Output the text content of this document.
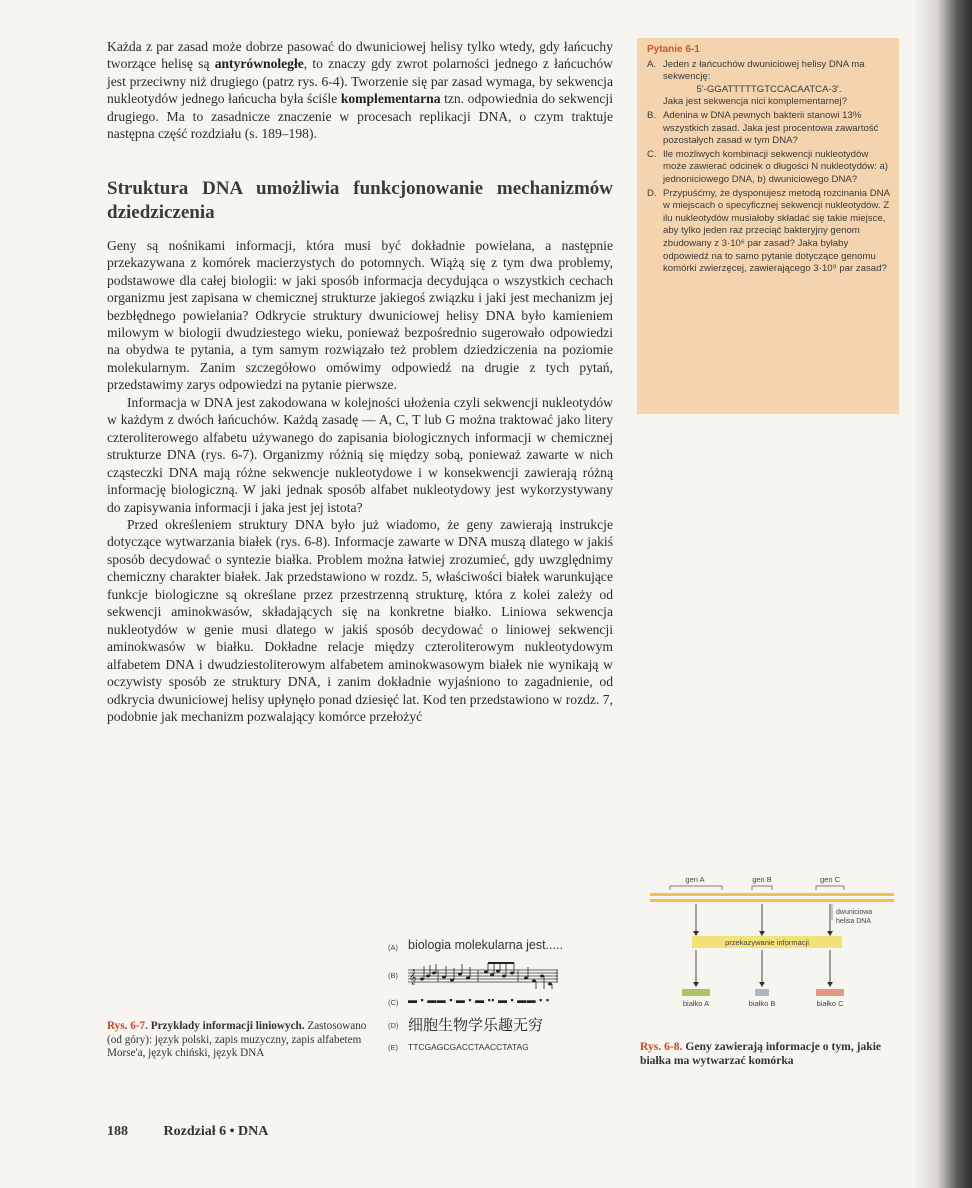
Każda z par zasad może dobrze pasować do dwuniciowej helisy tylko wtedy, gdy łańcuchy tworzące helisę są antyrównoległe, to znaczy gdy zwrot polarności jednego z łańcuchów jest przeciwny niż drugiego (patrz rys. 6-4). Tworzenie się par zasad wymaga, by sekwencja nukleotydów jednego łańcucha była ściśle komplementarna tzn. odpowiednia do sekwencji drugiego. Ma to zasadnicze znaczenie w procesach replikacji DNA, o czym traktuje następna część rozdziału (s. 189–198).

Struktura DNA umożliwia funkcjonowanie mechanizmów dziedziczenia

Geny są nośnikami informacji, która musi być dokładnie powielana, a następnie przekazywana z komórek macierzystych do potomnych. Wiążą się z tym dwa problemy, podstawowe dla całej biologii: w jaki sposób informacja decydująca o wszystkich cechach organizmu jest zapisana w chemicznej strukturze jakiegoś związku i jaki jest mechanizm jej bezbłędnego powielania? Odkrycie struktury dwuniciowej helisy DNA było kamieniem milowym w biologii dwudziestego wieku, ponieważ bezpośrednio sugerowało odpowiedzi na obydwa te pytania, a tym samym rozwiązało też problem dziedziczenia na poziomie molekularnym. Zanim szczegółowo omówimy odpowiedź na drugie z tych pytań, przedstawimy zarys odpowiedzi na pytanie pierwsze.

Informacja w DNA jest zakodowana w kolejności ułożenia czyli sekwencji nukleotydów w każdym z dwóch łańcuchów. Każdą zasadę — A, C, T lub G można traktować jako litery czteroliterowego alfabetu używanego do zapisania biologicznych informacji w chemicznej strukturze DNA (rys. 6-7). Organizmy różnią się między sobą, ponieważ zawarte w nich cząsteczki DNA mają różne sekwencje nukleotydowe i w konsekwencji zawierają różną informację biologiczną. W jaki jednak sposób alfabet nukleotydowy jest wykorzystywany do zapisywania informacji i jaka jest jej istota?

Przed określeniem struktury DNA było już wiadomo, że geny zawierają instrukcje dotyczące wytwarzania białek (rys. 6-8). Informacje zawarte w DNA muszą dlatego w jakiś sposób decydować o syntezie białka. Problem można łatwiej zrozumieć, gdy uwzględnimy chemiczny charakter białek. Jak przedstawiono w rozdz. 5, właściwości białek warunkujące funkcje biologiczne są określane przez przestrzenną strukturę, która z kolei zależy od sekwencji aminokwasów, składających się na konkretne białko. Liniowa sekwencja nukleotydów w genie musi dlatego w jakiś sposób decydować o liniowej sekwencji aminokwasów w białku. Dokładne relacje między czteroliterowym nukleotydowym alfabetem DNA i dwudziestoliterowym alfabetem aminokwasowym białek nie wynikają w oczywisty sposób ze struktury DNA, i zanim dokładnie wyjaśniono to zagadnienie, od odkrycia dwuniciowej helisy upłynęło ponad dziesięć lat. Kod ten przedstawiono w rozdz. 7, podobnie jak mechanizm pozwalający komórce przełożyć

Pytanie 6-1
A. Jeden z łańcuchów dwuniciowej helisy DNA ma sekwencję:

5'-GGATTTTTGTCCACAATCA-3'.
Jaka jest sekwencja nici komplementarnej?
B. Adenina w DNA pewnych bakterii stanowi 13% wszystkich zasad. Jaka jest procentowa zawartość pozostałych zasad w tym DNA?
C. Ile możliwych kombinacji sekwencji nukleotydów może zawierać odcinek o długości N nukleotydów: a) jednoniciowego DNA, b) dwuniciowego DNA?
D. Przypuśćmy, że dysponujesz metodą rozcinania DNA w miejscach o specyficznej sekwencji nukleotydów. Z ilu nukleotydów musiałoby składać się takie miejsce, aby tylko jeden raz przeciąć bakteryjny genom zbudowany z 3·10⁶ par zasad? Jaka byłaby odpowiedź na to samo pytanie dotyczące genomu komórki zwierzęcej, zawierającego 3·10⁹ par zasad?
(A) biologia molekularna jest.....
(B) 𝄞
(C) ▬ ▪ ▬▬ ▪ ▬ ▪ ▬ ▪▪ ▬ ▪ ▬▬ ▪ ▪
(D) 细胞生物学乐趣无穷
(E) TTCGAGCGACCTAACCTATAG
Rys. 6-7. Przykłady informacji liniowych. Zastosowano (od góry): język polski, zapis muzyczny, zapis alfabetem Morse'a, język chiński, język DNA
gen A	gen B	gen C
dwuniciowa
helisa DNA
przekazywanie informacji
białko A	białko B	białko C
Rys. 6-8. Geny zawierają informacje o tym, jakie białka ma wytwarzać komórka
188	Rozdział 6 • DNA
